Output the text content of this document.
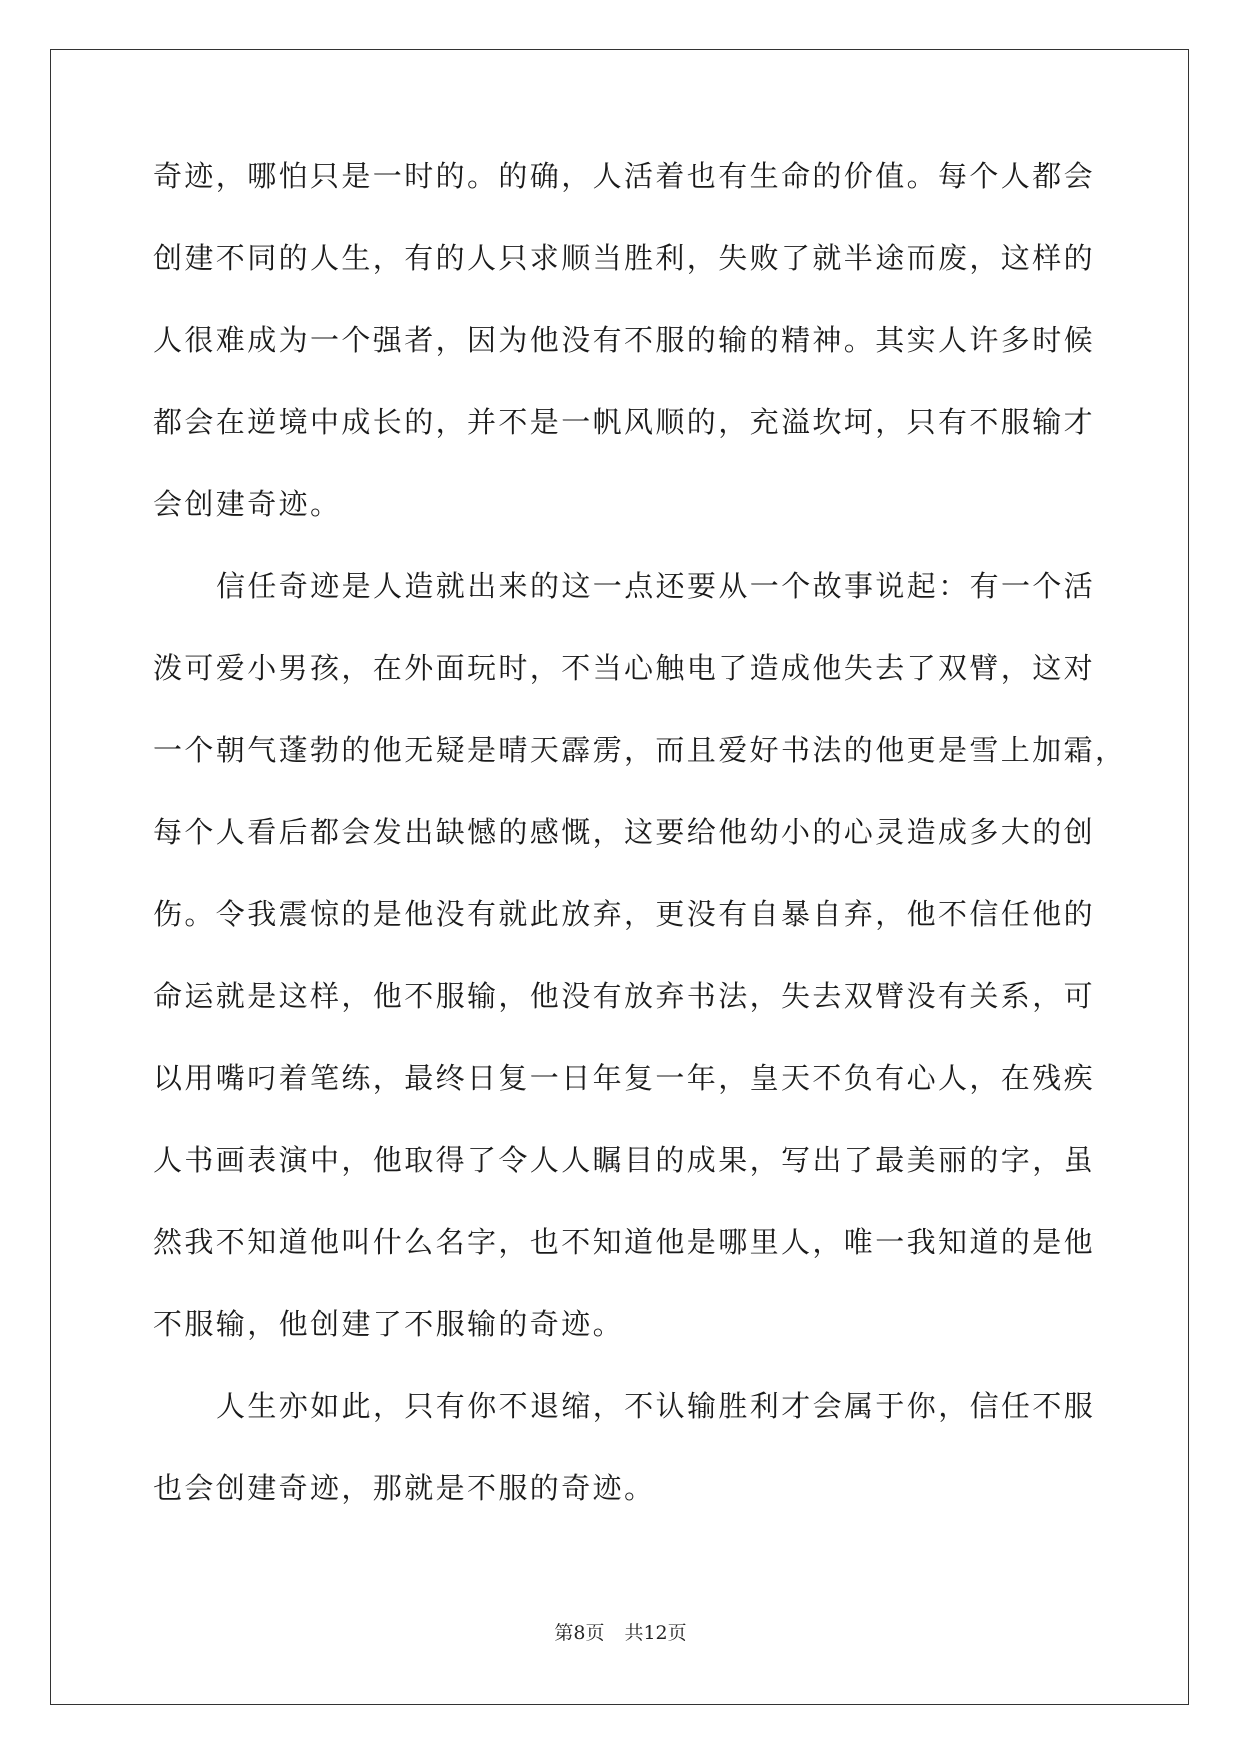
奇迹，哪怕只是一时的。的确，人活着也有生命的价值。每个人都会
创建不同的人生，有的人只求顺当胜利，失败了就半途而废，这样的
人很难成为一个强者，因为他没有不服的输的精神。其实人许多时候
都会在逆境中成长的，并不是一帆风顺的，充溢坎坷，只有不服输才
会创建奇迹。
信任奇迹是人造就出来的这一点还要从一个故事说起：有一个活
泼可爱小男孩，在外面玩时，不当心触电了造成他失去了双臂，这对
一个朝气蓬勃的他无疑是晴天霹雳，而且爱好书法的他更是雪上加霜，
每个人看后都会发出缺憾的感慨，这要给他幼小的心灵造成多大的创
伤。令我震惊的是他没有就此放弃，更没有自暴自弃，他不信任他的
命运就是这样，他不服输，他没有放弃书法，失去双臂没有关系，可
以用嘴叼着笔练，最终日复一日年复一年，皇天不负有心人，在残疾
人书画表演中，他取得了令人人瞩目的成果，写出了最美丽的字，虽
然我不知道他叫什么名字，也不知道他是哪里人，唯一我知道的是他
不服输，他创建了不服输的奇迹。
人生亦如此，只有你不退缩，不认输胜利才会属于你，信任不服
也会创建奇迹，那就是不服的奇迹。
第8页 共12页
